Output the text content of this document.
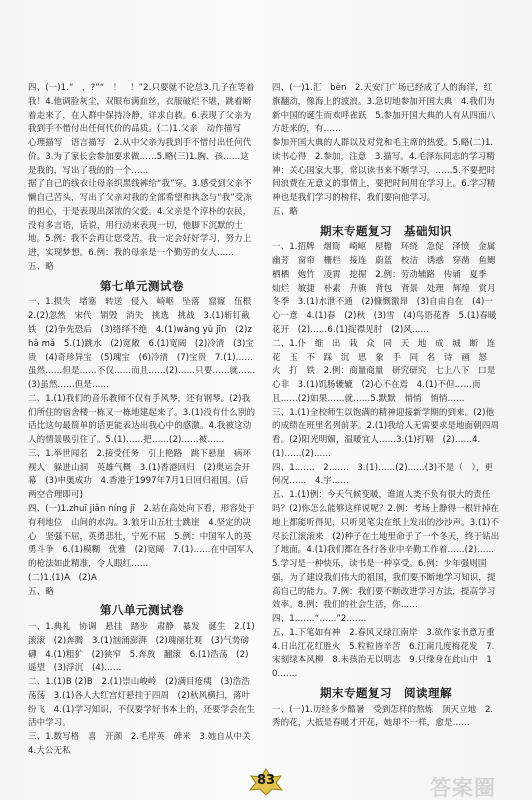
四、(一)1.“　，?”“　！　！”2.只要就不论总3.几子在等着我！4.他调脸灰尘，双眼布满血丝，衣服破烂不堪，跳着断着走来了，在人群中保持冷静，详求自救。6.表现了父亲为我到手不惜付出任何代价的品质。(二)1.父亲　动作描写　心理描写　语言描写　2.从中父亲为我到手不惜付出任何代价。3.为了家长会参加要求做……5.略(三)1.胸、孩……这是我的，写出了我的的一个……

据了自己的线衣让母亲织黑线裤给“我”穿。3.感受到父亲不懒自己苦头，写出了父亲对我的全部希望和执念与“我”受冻的担心，于是表现出深浓的父爱。4.父亲是个淳朴的农民，没有多言语，话说，用行动来表现一切，他脚下沉默的土地。5.例：我不会再让您受苦，我一定会好好学习，努力上进，实现梦想。6.例：我的母亲是一个勤劳的女人……

五、略

第七单元测试卷

一、1.损失　堵塞　转送　侵入　崎岖　坠落　窟窿　伍根　2.(2)忽然　宋代　销毁　消失　挑选　挑战　3.(1)斩钉截铁　(2)争先恐后　(3)络绎不绝　4.(1)wàng yǔ jīn　(2)zhā mǎ　5.(1)跳水　(2)宽敞　6.(1)宽阔　(2)冷清　(3)宝贵　(4)奇珍异宝　(5)瑰宝　(6)冷清　(7)宝贵　7.(1)……虽然……但是……不仅……而且……(2)……只要……就……(3)虽然……但是……

二、1.(1)我们的音乐教师不仅有手风琴，还有钢琴。(2)我们所住的宿舍楼一栋又一栋地建起来了。3.(1)没有什么别的话比这句最简单的话更能表达出我心中的感激。4.我被这动人的情景吸引住了。5.(1)……把……(2)……被……

三、1.举世闻名　2.接受任务　引上艳路　跳下悬崖　病环视人　躲进山洞　英雄气概　3.(1)香港回归　(2)奥运会开幕　(3)申奥成功　4.香港于1997年7月1日回归祖国。(后两空合理即可)

四、(一)1.zhuī jiǎn níng jī　2.站在高处向下看，形容处于有利地位　山间的水沟。3.狼牙山五壮士跳崖　4.坚定的决心　坚强不屈，英勇悲壮，宁死不屈　5.例：中国军人的英勇斗争　6.(1)模糊　优雅　(2)宽阔　7.(1)……在中国军人的枪法如此精准，令人眼红……

(二)1.(1)A　(2)A

五、略

第八单元测试卷

一、1.典礼　协调　悬挂　踏步　肃静　暴发　诞生　2.(1)滚滚　(2)奔腾　3.(1)汹涌澎湃　(2)瑰丽壮观　(3)气势磅礴　4.(1)粗犷　(2)狭窄　5.奔放　翻滚　6.(1)浩荡　(2)遥望　(3)浮沉　(4)……

二、1.(1)B (2)B　2.(1)崇山峻岭　(2)满目疮痍　(3)浩浩荡荡　3.(1)各人大红宫灯悬挂于四周　(2)秋风横扫，落叶纷飞　4.(1)学习知识，不仅要学好书本上的，还要学会在生活中学习。

三、1.数写格　喜　开颜　2.毛岸英　碑米　3.她自从中关　4.大公无私

四、(一)1.汇　bèn　2.天安门广场已经成了人的海洋，红旗翻动，像海上的波浪。3.急切地参加开国大典　4.我们为新中国的诞生而欢呼雀跃　5.参加开国大典的人有从四面八方赶来的，有……

参加开国大典的人群以及对党和毛主席的热爱。5.略(二)1.读书心得　2.参加，注意　3.描写。4.毛泽东同志的学习精神：关心国家大事，常以读书来不断学习，……5.不要把时间浪费在无意义的事情上，要把时间用在学习上。6.学习精神也是我们学习的榜样，我们要向他学习。

五、略

期末专题复习　基础知识

一、1.招牌　烟筒　崎岖　屋檐　环绕　急促　泽愤　金属　幽芳　窗帘　栅栏　接连　蔚蓝　校洁　诱惑　穿凿　鱼鳃　栖栖　炮竹　凌霄　挖掘　2.例：劳动辅路　传诵　夏季　灿烂　敏捷　朴素　升旗　背包　背景　处理　辉煌　赏月　冬季　3.(1)水泄不通　(2)慷慨激昂　(3)自由自在　(4)一心一意　4.(1)春　(2)秋　(3)雪　(4)鸟语花香　5.(1)春暖花开　(2)……6.(1)捉襟见肘　(2)风……

二、1.仆　维　出　栽　众　同　天　地　成　城　断　连　花　玉　不　踩　沉　思　象　手　同　名　诗　画　怒　火　打　铁　2.例：商量商量　研究研究　七上八下　口是心非　3.(1)饥肠辘辘　(2)心不在焉　4.(1)不但……而且……(2)如果……就……5.默默　悄悄　悄悄……

三、1.(1)全校师生以饱满的精神迎接新学期的到来。(2)他的成绩在班里名列前茅。2.(1)我给人无需要求是地面朝四周看。(2)阳光明媚，温暖宜人……3.(1)打嗝　(2)……4.(1)……(2)……

四、1.……　2.……　3.(1)……(2)……(3)不是（　），更何况……　4.宇……

五、1.(1)例：今天气候变暖，谁道人类不负有很大的责任吗？(2)你怎么能够这样说呢？2.例：考场上静得一根针掉在地上都能听得见，只听见笔尖在纸上发出的沙沙声。3.(1)不尽长江滚滚来　(2)种子在土地里命于了一个冬天，终于钻出了地面。4.(1)我们都在各行各业中辛勤工作着……(2)……5.学习是一种快乐，读书是一种享受。6.例：少年强则国强，为了建设我们伟大的祖国，我们要不断地学习知识，提高自己的能力。7.例：我们要不断改进学习方法，提高学习效率。8.例：我们的社会生活，你……

四、1.……“……”2.……

五、1.下笔如有神　2.春风又绿江南岸　3.欲作家书意万重　4.日出江花红胜火　5.粒粒皆辛苦　6.江南几度梅花发　7.宋刻绿本风柳　8.未孩治无以明志　9.只缘身在此山中　10.……

期末专题复习　阅读理解

一、(一)1.历经多少酷暑　受到怎样的熬炼　顶天立地　2.秀的花，大抵是春暖才开花，她却不一样，愈是……

83	答案圈
